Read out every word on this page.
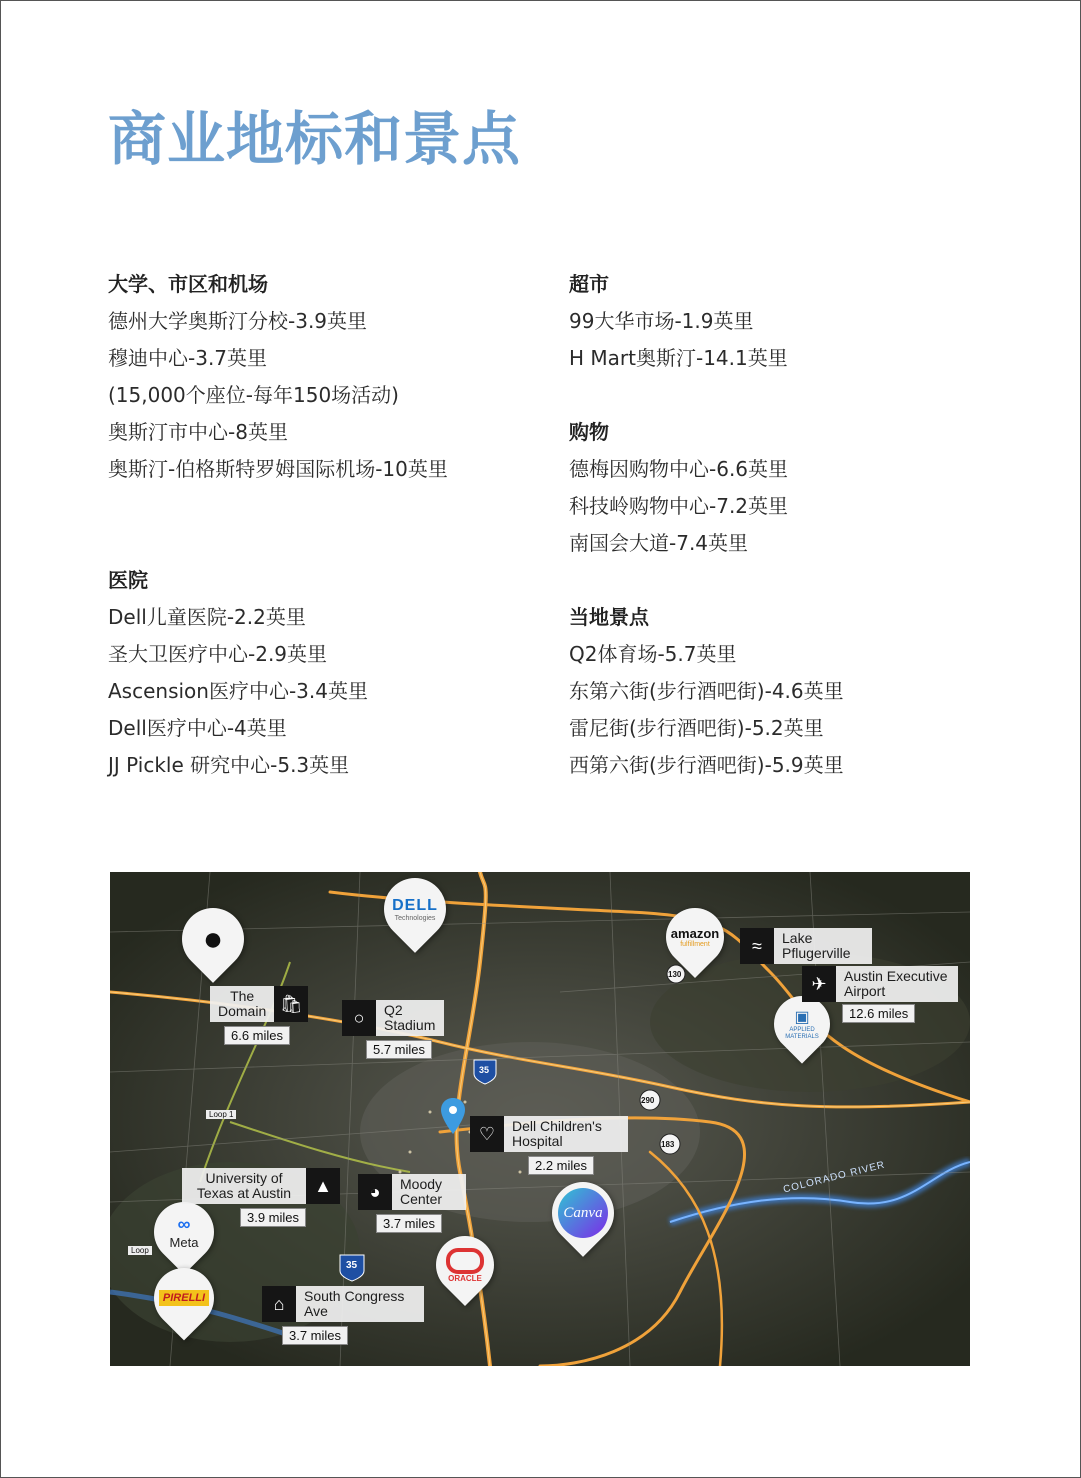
商业地标和景点

大学、市区和机场

德州大学奥斯汀分校-3.9英里
穆迪中心-3.7英里
(15,000个座位-每年150场活动)
奥斯汀市中心-8英里
奥斯汀-伯格斯特罗姆国际机场-10英里

医院

Dell儿童医院-2.2英里
圣大卫医疗中心-2.9英里
Ascension医疗中心-3.4英里
Dell医疗中心-4英里
JJ Pickle 研究中心-5.3英里

超市

99大华市场-1.9英里
H Mart奥斯汀-14.1英里

购物

德梅因购物中心-6.6英里
科技岭购物中心-7.2英里
南国会大道-7.4英里

当地景点

Q2体育场-5.7英里
东第六街(步行酒吧街)-4.6英里
雷尼街(步行酒吧街)-5.2英里
西第六街(步行酒吧街)-5.9英里
35
35
290
183
130
Loop 1
Loop
COLORADO RIVER
●
DELL
Technologies
amazon
fulfillment
▣
APPLIED
MATERIALS
Canva
ORACLE
∞
Meta
PIRELLI
The
Domain 🛍
6.6 miles
○	Q2
Stadium
5.7 miles
♡	Dell Children's
Hospital
2.2 miles
University of
Texas at Austin	▲
3.9 miles
◕	Moody
Center
3.7 miles
⌂	South Congress
Ave
3.7 miles
≈	Lake
Pflugerville
✈	Austin Executive
Airport
12.6 miles
